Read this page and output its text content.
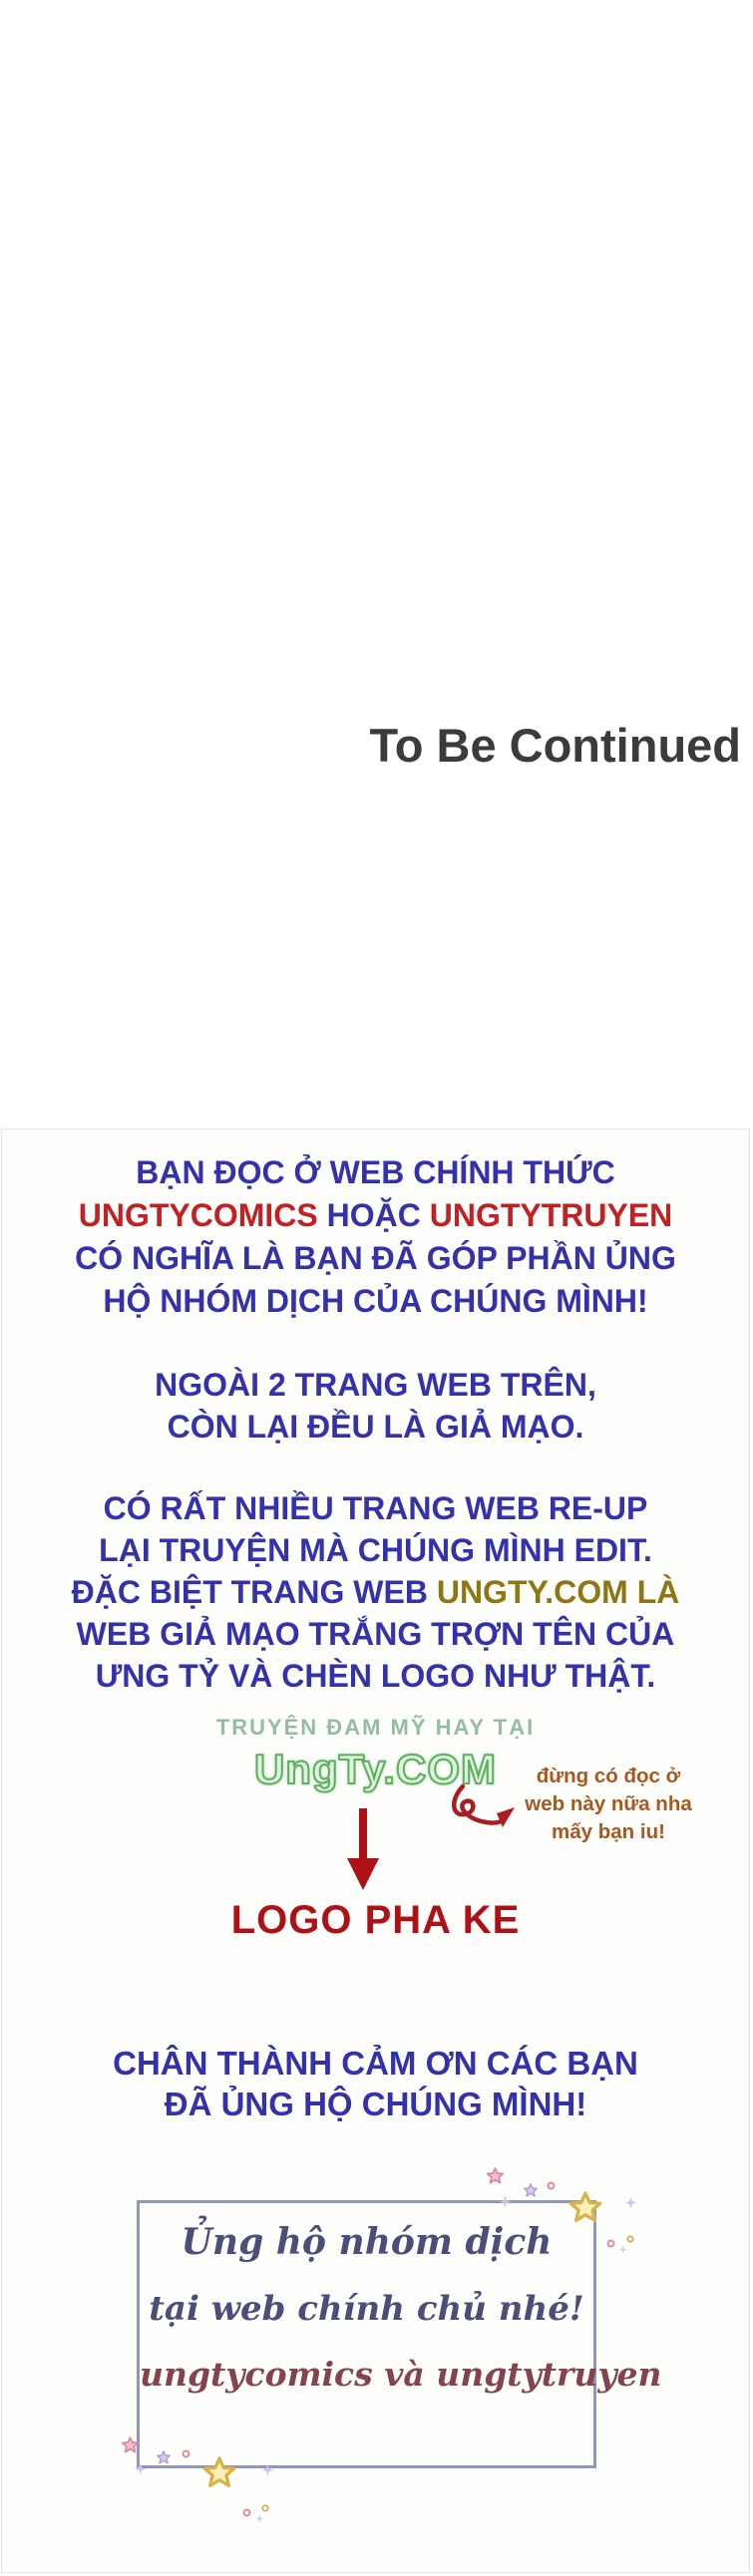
To Be Continued
BẠN ĐỌC Ở WEB CHÍNH THỨC
UNGTYCOMICS HOẶC UNGTYTRUYEN
CÓ NGHĨA LÀ BẠN ĐÃ GÓP PHẦN ỦNG
HỘ NHÓM DỊCH CỦA CHÚNG MÌNH!
NGOÀI 2 TRANG WEB TRÊN,
CÒN LẠI ĐỀU LÀ GIẢ MẠO.
CÓ RẤT NHIỀU TRANG WEB RE-UP
LẠI TRUYỆN MÀ CHÚNG MÌNH EDIT.
ĐẶC BIỆT TRANG WEB UNGTY.COM LÀ
WEB GIẢ MẠO TRẮNG TRỢN TÊN CỦA
ƯNG TỶ VÀ CHÈN LOGO NHƯ THẬT.
TRUYỆN ĐAM MỸ HAY TẠI
UngTy.COM
LOGO PHA KE
đừng có đọc ở
web này nữa nha
mấy bạn iu!
CHÂN THÀNH CẢM ƠN CÁC BẠN
ĐÃ ỦNG HỘ CHÚNG MÌNH!
Ủng hộ nhóm dịch
tại web chính chủ nhé!
ungtycomics và ungtytruyen
